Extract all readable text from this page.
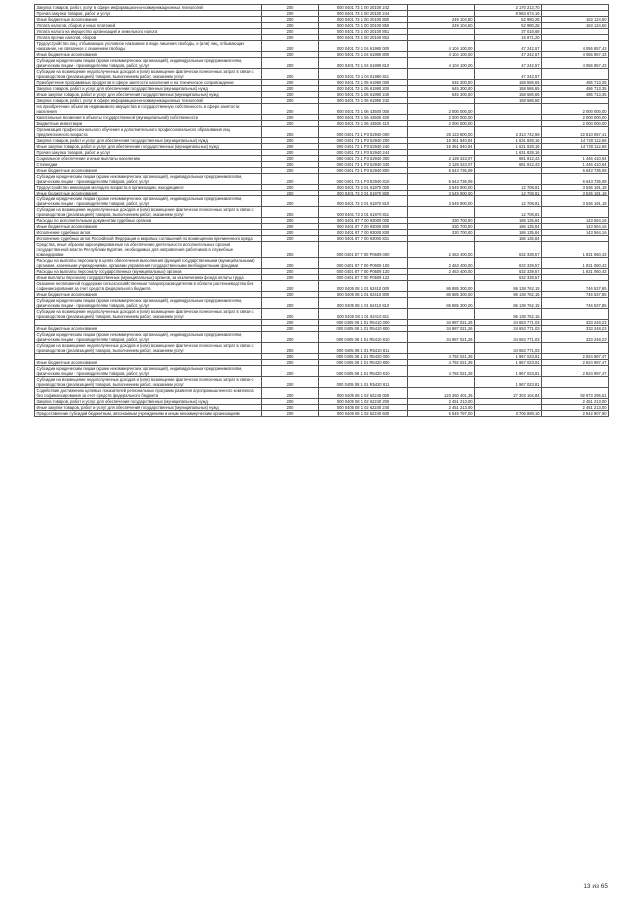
Закупка товаров, работ, услуг в сфере информационно-коммуникационных технологий	200	000 0401 73 1 00 20100 242		2 170 213,70	
Прочая закупка товаров, работ и услуг	200	000 0401 73 1 00 20100 244		8 583 674,16	
Иные бюджетные ассигнования	200	000 0401 73 1 00 20100 800	249 104,60	52 980,28	163 124,60
Уплата налогов, сборов и иных платежей	200	000 0401 73 1 00 20100 850	249 104,60	52 980,28	163 124,60
Уплата налога на имущество организаций и земельного налога	200	000 0401 73 1 00 20100 851		37 018,68	
Уплата прочих налогов, сборов	200	000 0401 73 1 00 20100 852		15 971,20	
Трудоустройство лиц, отбывающих уголовное наказание в виде лишения свободы, и (или) лиц, отбывающих наказание, не связанное с лишением свободы	200	000 0401 73 1 04 61980 000	4 104 100,00	47 242,57	4 056 857,43
Иные бюджетные ассигнования	200	000 0401 73 1 04 61980 800	4 104 100,00	47 242,57	4 056 857,43
Субсидии юридическим лицам (кроме некоммерческих организаций), индивидуальным предпринимателям, физическим лицам - производителям товаров, работ, услуг	200	000 0401 73 1 04 61980 810	4 104 100,00	47 242,57	4 056 857,43
Субсидии на возмещение недополученных доходов и (или) возмещение фактически понесенных затрат в связи с производством (реализацией) товаров, выполнением работ, оказанием услуг	200	000 0401 73 1 04 61980 811		47 242,57	
Приобретение программных продуктов в сфере занятости населения и на техническое сопровождение	200	000 0401 73 1 05 61990 000	645 300,00	158 586,65	486 713,35
Закупка товаров, работ и услуг для обеспечения государственных (муниципальных) нужд	200	000 0401 73 1 05 61990 200	645 300,00	158 586,65	486 713,35
Иные закупки товаров, работ и услуг для обеспечения государственных (муниципальных) нужд	200	000 0401 73 1 05 61990 240	645 300,00	158 586,65	486 713,35
Закупка товаров, работ, услуг в сфере информационно-коммуникационных технологий	200	000 0401 73 1 05 61990 242		158 586,65	
На приобретение объектов недвижимого имущества в государственную собственность в сфере занятости населения	200	000 0401 73 1 06 43500 000	2 000 000,00		2 000 000,00
Капитальные вложения в объекты государственной (муниципальной) собственности	200	000 0401 73 1 06 43500 400	2 000 000,00		2 000 000,00
Бюджетные инвестиции	200	000 0401 73 1 06 43500 410	2 000 000,00		2 000 000,00
Организация профессионального обучения и дополнительного профессионального образования лиц предпенсионного возраста	200	000 0401 73 1 P3 52940 000	25 123 800,00	2 313 742,59	22 810 057,41
Закупка товаров, работ и услуг для обеспечения государственных (муниципальных) нужд	200	000 0401 73 1 P3 52940 200	16 351 940,84	1 631 828,16	14 720 112,68
Иные закупки товаров, работ и услуг для обеспечения государственных (муниципальных) нужд	200	000 0401 73 1 P3 52940 240	16 351 940,84	1 631 828,16	14 720 112,68
Прочая закупка товаров, работ и услуг	200	000 0401 73 1 P3 52940 244		1 631 828,16	
Социальное обеспечение и иные выплаты населению	200	000 0401 73 1 P3 52940 300	2 128 323,07	681 912,43	1 446 410,64
Стипендии	200	000 0401 73 1 P3 52940 340	2 128 323,07	681 912,43	1 446 410,64
Иные бюджетные ассигнования	200	000 0401 73 1 P3 52940 800	6 643 736,09		6 643 736,09
Субсидии юридическим лицам (кроме некоммерческих организаций), индивидуальным предпринимателям, физическим лицам - производителям товаров, работ, услуг	200	000 0401 73 1 P3 52940 810	6 643 736,09		6 643 736,09
Трудоустройство инвалидов молодого возраста в организации, находящиеся	200	000 0401 73 2 01 61970 000	3 549 900,00	12 708,81	3 536 191,19
Иные бюджетные ассигнования	200	000 0401 73 2 01 61970 800	3 549 900,00	12 708,81	3 536 191,19
Субсидии юридическим лицам (кроме некоммерческих организаций), индивидуальным предпринимателям, физическим лицам - производителям товаров, работ, услуг	200	000 0401 73 2 01 61970 810	3 549 900,00	12 708,81	3 536 191,19
Субсидии на возмещение недополученных доходов и (или) возмещение фактически понесенных затрат в связи с производством (реализацией) товаров, выполнением работ, оказанием услуг	200	000 0401 73 2 01 61970 811		12 708,81	
Расходы по исполнительным документам судебных органов	200	000 0401 87 7 00 93000 000	330 700,00	186 135,84	143 564,16
Иные бюджетные ассигнования	200	000 0401 87 7 00 93000 800	330 700,00	186 135,84	143 564,16
Исполнение судебных актов	200	000 0401 87 7 00 93000 830	330 700,00	186 135,84	143 564,16
Исполнение судебных актов Российской Федерации и мировых соглашений по возмещению причиненного вреда	200	000 0401 87 7 00 93000 831		186 135,84	
Средства, иные образом зарезервированные на обеспечение деятельности исполнительных органов государственной власти Республики Бурятия, необходимых для направления работников в служебные командировки	200	000 0401 87 7 00 Р0609 000	2 463 400,00	632 339,57	1 831 060,43
Расходы на выплаты персоналу в целях обеспечения выполнения функций государственными (муниципальными) органами, казенными учреждениями, органами управления государственными внебюджетными фондами	200	000 0401 87 7 00 Р0609 100	2 463 400,00	632 339,57	1 831 060,43
Расходы на выплаты персоналу государственных (муниципальных) органов	200	000 0401 87 7 00 Р0609 120	2 463 400,00	632 339,57	1 831 060,43
Иные выплаты персоналу государственных (муниципальных) органов, за исключением фонда оплаты труда	200	000 0401 87 7 00 Р0609 122		632 339,57	
Оказание несвязанной поддержки сельскохозяйственным товаропроизводителям в области растениеводства без софинансирования за счет средств федерального бюджета	200	000 0405 08 1 01 62410 000	86 885 300,00	86 138 762,15	746 537,85
Иные бюджетные ассигнования	200	000 0405 08 1 01 62410 800	86 885 300,00	86 138 762,15	746 537,85
Субсидии юридическим лицам (кроме некоммерческих организаций), индивидуальным предпринимателям, физическим лицам - производителям товаров, работ, услуг	200	000 0405 08 1 01 62410 810	86 885 300,00	86 138 762,15	746 537,85
Субсидии на возмещение недополученных доходов и (или) возмещение фактически понесенных затрат в связи с производством (реализацией) товаров, выполнением работ, оказанием услуг	200	000 0405 08 1 01 62410 811		86 138 762,15	
	200	000 0405 08 1 01 R5410 000	34 987 021,26	34 653 771,03	333 248,23
Иные бюджетные ассигнования	200	000 0405 08 1 01 R5410 800	34 987 021,26	34 653 771,03	333 248,23
Субсидии юридическим лицам (кроме некоммерческих организаций), индивидуальным предпринимателям, физическим лицам - производителям товаров, работ, услуг	200	000 0405 08 1 01 R5410 810	34 987 021,26	34 653 771,03	333 248,23
Субсидии на возмещение недополученных доходов и (или) возмещение фактически понесенных затрат в связи с производством (реализацией) товаров, выполнением работ, оказанием услуг	200	000 0405 08 1 01 R5410 811		34 653 771,03	
	200	000 0405 08 1 01 R5420 000	4 792 021,28	1 967 023,81	2 824 997,47
Иные бюджетные ассигнования	200	000 0405 08 1 01 R5420 800	4 792 021,28	1 967 023,81	2 824 997,47
Субсидии юридическим лицам (кроме некоммерческих организаций), индивидуальным предпринимателям, физическим лицам - производителям товаров, работ, услуг	200	000 0405 08 1 01 R5420 810	4 792 021,28	1 967 023,81	2 824 997,47
Субсидии на возмещение недополученных доходов и (или) возмещение фактически понесенных затрат в связи с производством (реализацией) товаров, выполнением работ, оказанием услуг	200	000 0405 08 1 01 R5420 811		1 967 023,81	
Содействие достижению целевых показателей региональных программ развития агропромышленного комплекса без софинансирования за счет средств федерального бюджета	200	000 0405 08 1 02 62240 000	120 260 401,35	27 303 104,84	92 973 296,51
Закупка товаров, работ и услуг для обеспечения государственных (муниципальных) нужд	200	000 0405 08 1 02 62240 200	2 451 213,00		2 451 213,00
Иные закупки товаров, работ и услуг для обеспечения государственных (муниципальных) нужд	200	000 0405 08 1 02 62240 240	2 451 213,00		2 451 213,00
Предоставление субсидий бюджетным, автономным учреждениям и иным некоммерческим организациям	200	000 0405 08 1 02 62240 600	6 549 797,00	3 706 889,10	2 842 907,90
13 из 65
